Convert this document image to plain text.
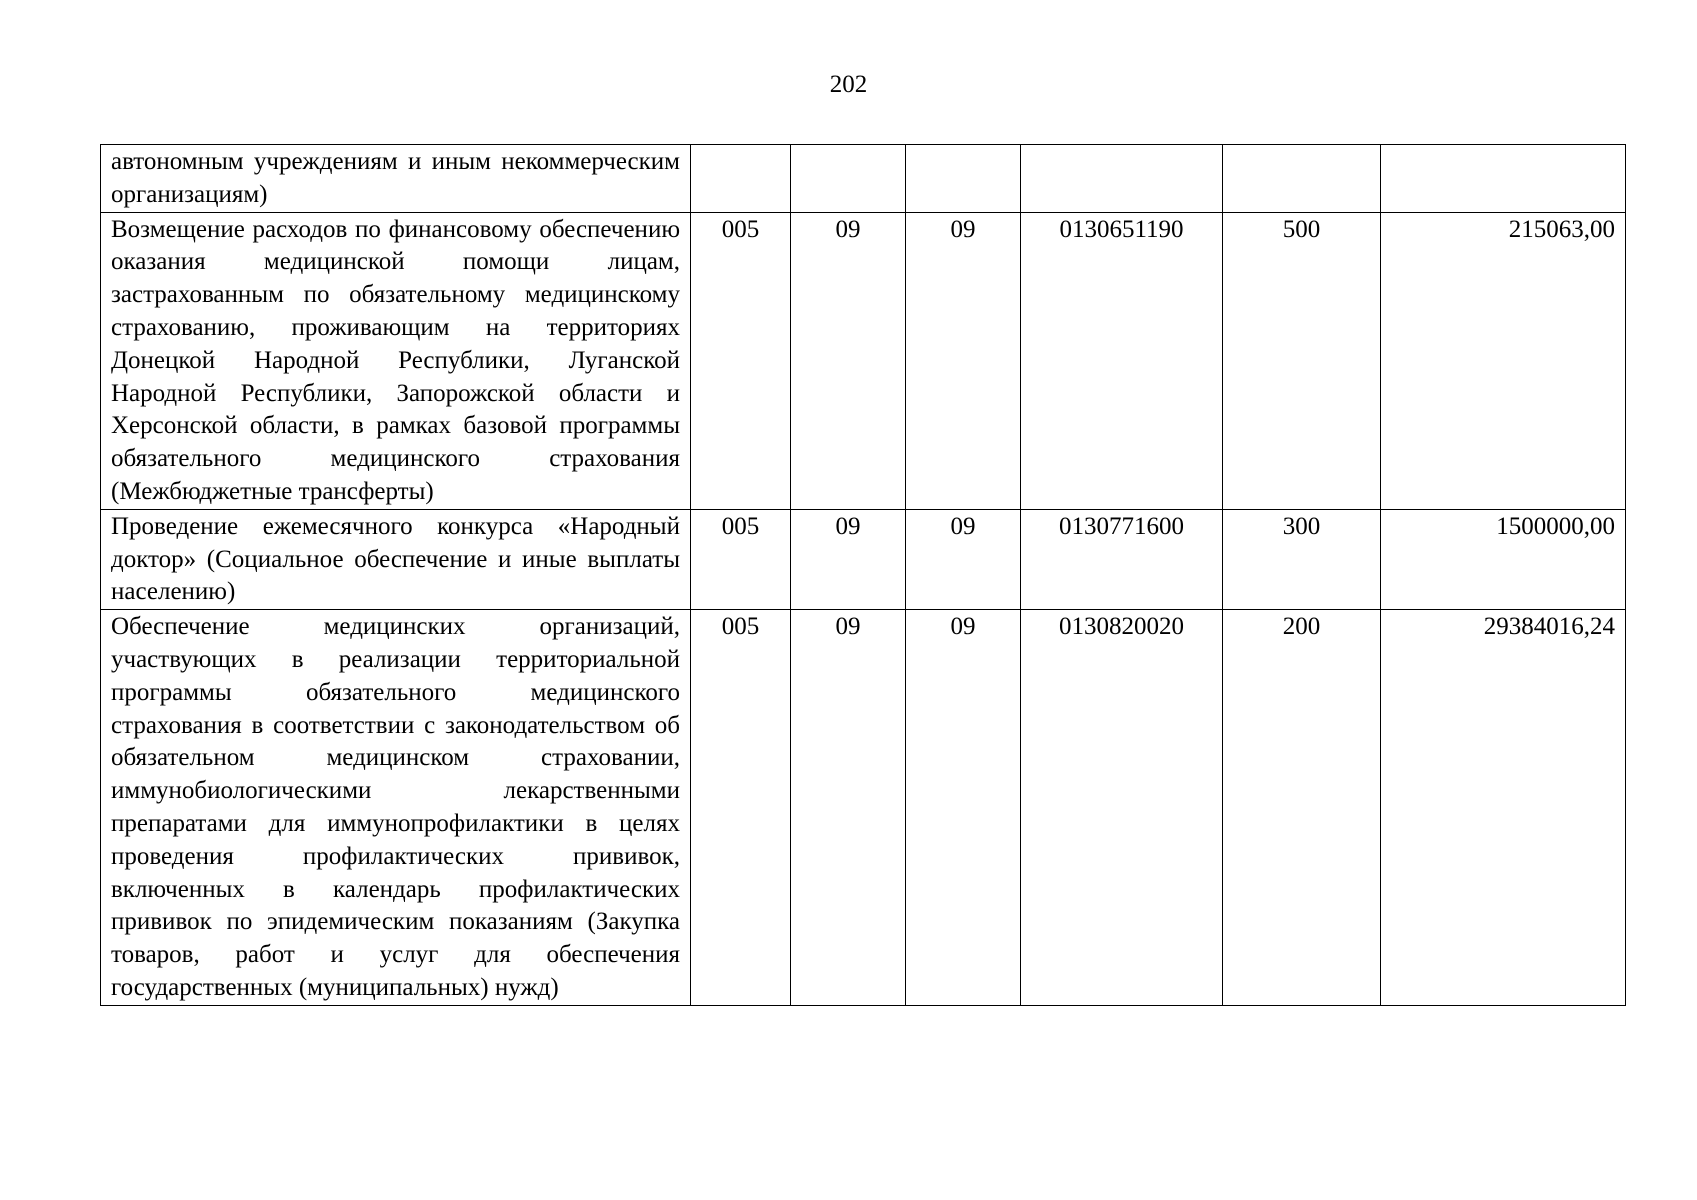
202
автономным учреждениям и иным некоммерческим организациям)						

Возмещение расходов по финансовому обеспечению оказания медицинской помощи лицам, застрахованным по обязательному медицинскому страхованию, проживающим на территориях Донецкой Народной Республики, Луганской Народной Республики, Запорожской области и Херсонской области, в рамках базовой программы обязательного медицинского страхования (Межбюджетные трансферты)	005	09	09	0130651190	500	215063,00

Проведение ежемесячного конкурса «Народный доктор» (Социальное обеспечение и иные выплаты населению)	005	09	09	0130771600	300	1500000,00

Обеспечение медицинских организаций, участвующих в реализации территориальной программы обязательного медицинского страхования в соответствии с законодательством об обязательном медицинском страховании, иммунобиологическими лекарственными препаратами для иммунопрофилактики в целях проведения профилактических прививок, включенных в календарь профилактических прививок по эпидемическим показаниям (Закупка товаров, работ и услуг для обеспечения государственных (муниципальных) нужд)	005	09	09	0130820020	200	29384016,24
